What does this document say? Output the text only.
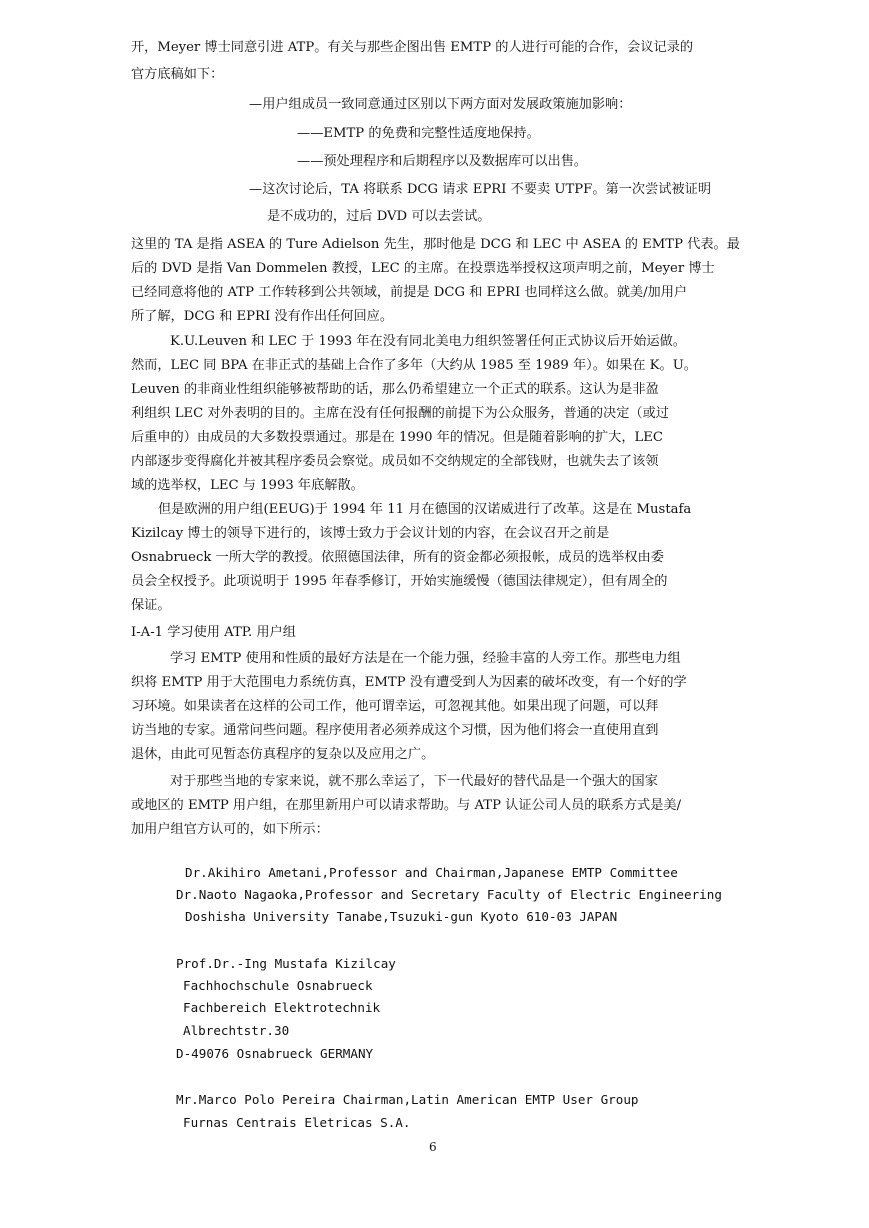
开，Meyer 博士同意引进 ATP。有关与那些企图出售 EMTP 的人进行可能的合作，会议记录的
官方底稿如下：
—用户组成员一致同意通过区别以下两方面对发展政策施加影响：
——EMTP 的免费和完整性适度地保持。
——预处理程序和后期程序以及数据库可以出售。
—这次讨论后，TA 将联系 DCG 请求 EPRI 不要卖 UTPF。第一次尝试被证明
是不成功的，过后 DVD 可以去尝试。
这里的 TA 是指 ASEA 的 Ture Adielson 先生，那时他是 DCG 和 LEC 中 ASEA 的 EMTP 代表。最
后的 DVD 是指 Van Dommelen 教授，LEC 的主席。在投票选举授权这项声明之前，Meyer 博士
已经同意将他的 ATP 工作转移到公共领域，前提是 DCG 和 EPRI 也同样这么做。就美/加用户
所了解，DCG 和 EPRI 没有作出任何回应。
K.U.Leuven 和 LEC 于 1993 年在没有同北美电力组织签署任何正式协议后开始运做。
然而，LEC 同 BPA 在非正式的基础上合作了多年（大约从 1985 至 1989 年）。如果在 K。U。
Leuven 的非商业性组织能够被帮助的话，那么仍希望建立一个正式的联系。这认为是非盈
利组织 LEC 对外表明的目的。主席在没有任何报酬的前提下为公众服务，普通的决定（或过
后重申的）由成员的大多数投票通过。那是在 1990 年的情况。但是随着影响的扩大，LEC
内部逐步变得腐化并被其程序委员会察觉。成员如不交纳规定的全部钱财，也就失去了该领
域的选举权，LEC 与 1993 年底解散。
但是欧洲的用户组(EEUG)于 1994 年 11 月在德国的汉诺威进行了改革。这是在 Mustafa
Kizilcay 博士的领导下进行的，该博士致力于会议计划的内容，在会议召开之前是
Osnabrueck 一所大学的教授。依照德国法律，所有的资金都必须报帐，成员的选举权由委
员会全权授予。此项说明于 1995 年春季修订，开始实施缓慢（德国法律规定），但有周全的
保证。
I-A-1 学习使用 ATP. 用户组
学习 EMTP 使用和性质的最好方法是在一个能力强，经验丰富的人旁工作。那些电力组
织将 EMTP 用于大范围电力系统仿真，EMTP 没有遭受到人为因素的破坏改变，有一个好的学
习环境。如果读者在这样的公司工作，他可谓幸运，可忽视其他。如果出现了问题，可以拜
访当地的专家。通常问些问题。程序使用者必须养成这个习惯，因为他们将会一直使用直到
退休，由此可见暂态仿真程序的复杂以及应用之广。
对于那些当地的专家来说，就不那么幸运了，下一代最好的替代品是一个强大的国家
或地区的 EMTP 用户组，在那里新用户可以请求帮助。与 ATP 认证公司人员的联系方式是美/
加用户组官方认可的，如下所示：
Dr.Akihiro Ametani,Professor and Chairman,Japanese EMTP Committee
Dr.Naoto Nagaoka,Professor and Secretary Faculty of Electric Engineering
Doshisha University Tanabe,Tsuzuki-gun Kyoto 610-03 JAPAN
Prof.Dr.-Ing Mustafa Kizilcay
Fachhochschule Osnabrueck
Fachbereich Elektrotechnik
Albrechtstr.30
D-49076 Osnabrueck GERMANY
Mr.Marco Polo Pereira Chairman,Latin American EMTP User Group
Furnas Centrais Eletricas S.A.
6
